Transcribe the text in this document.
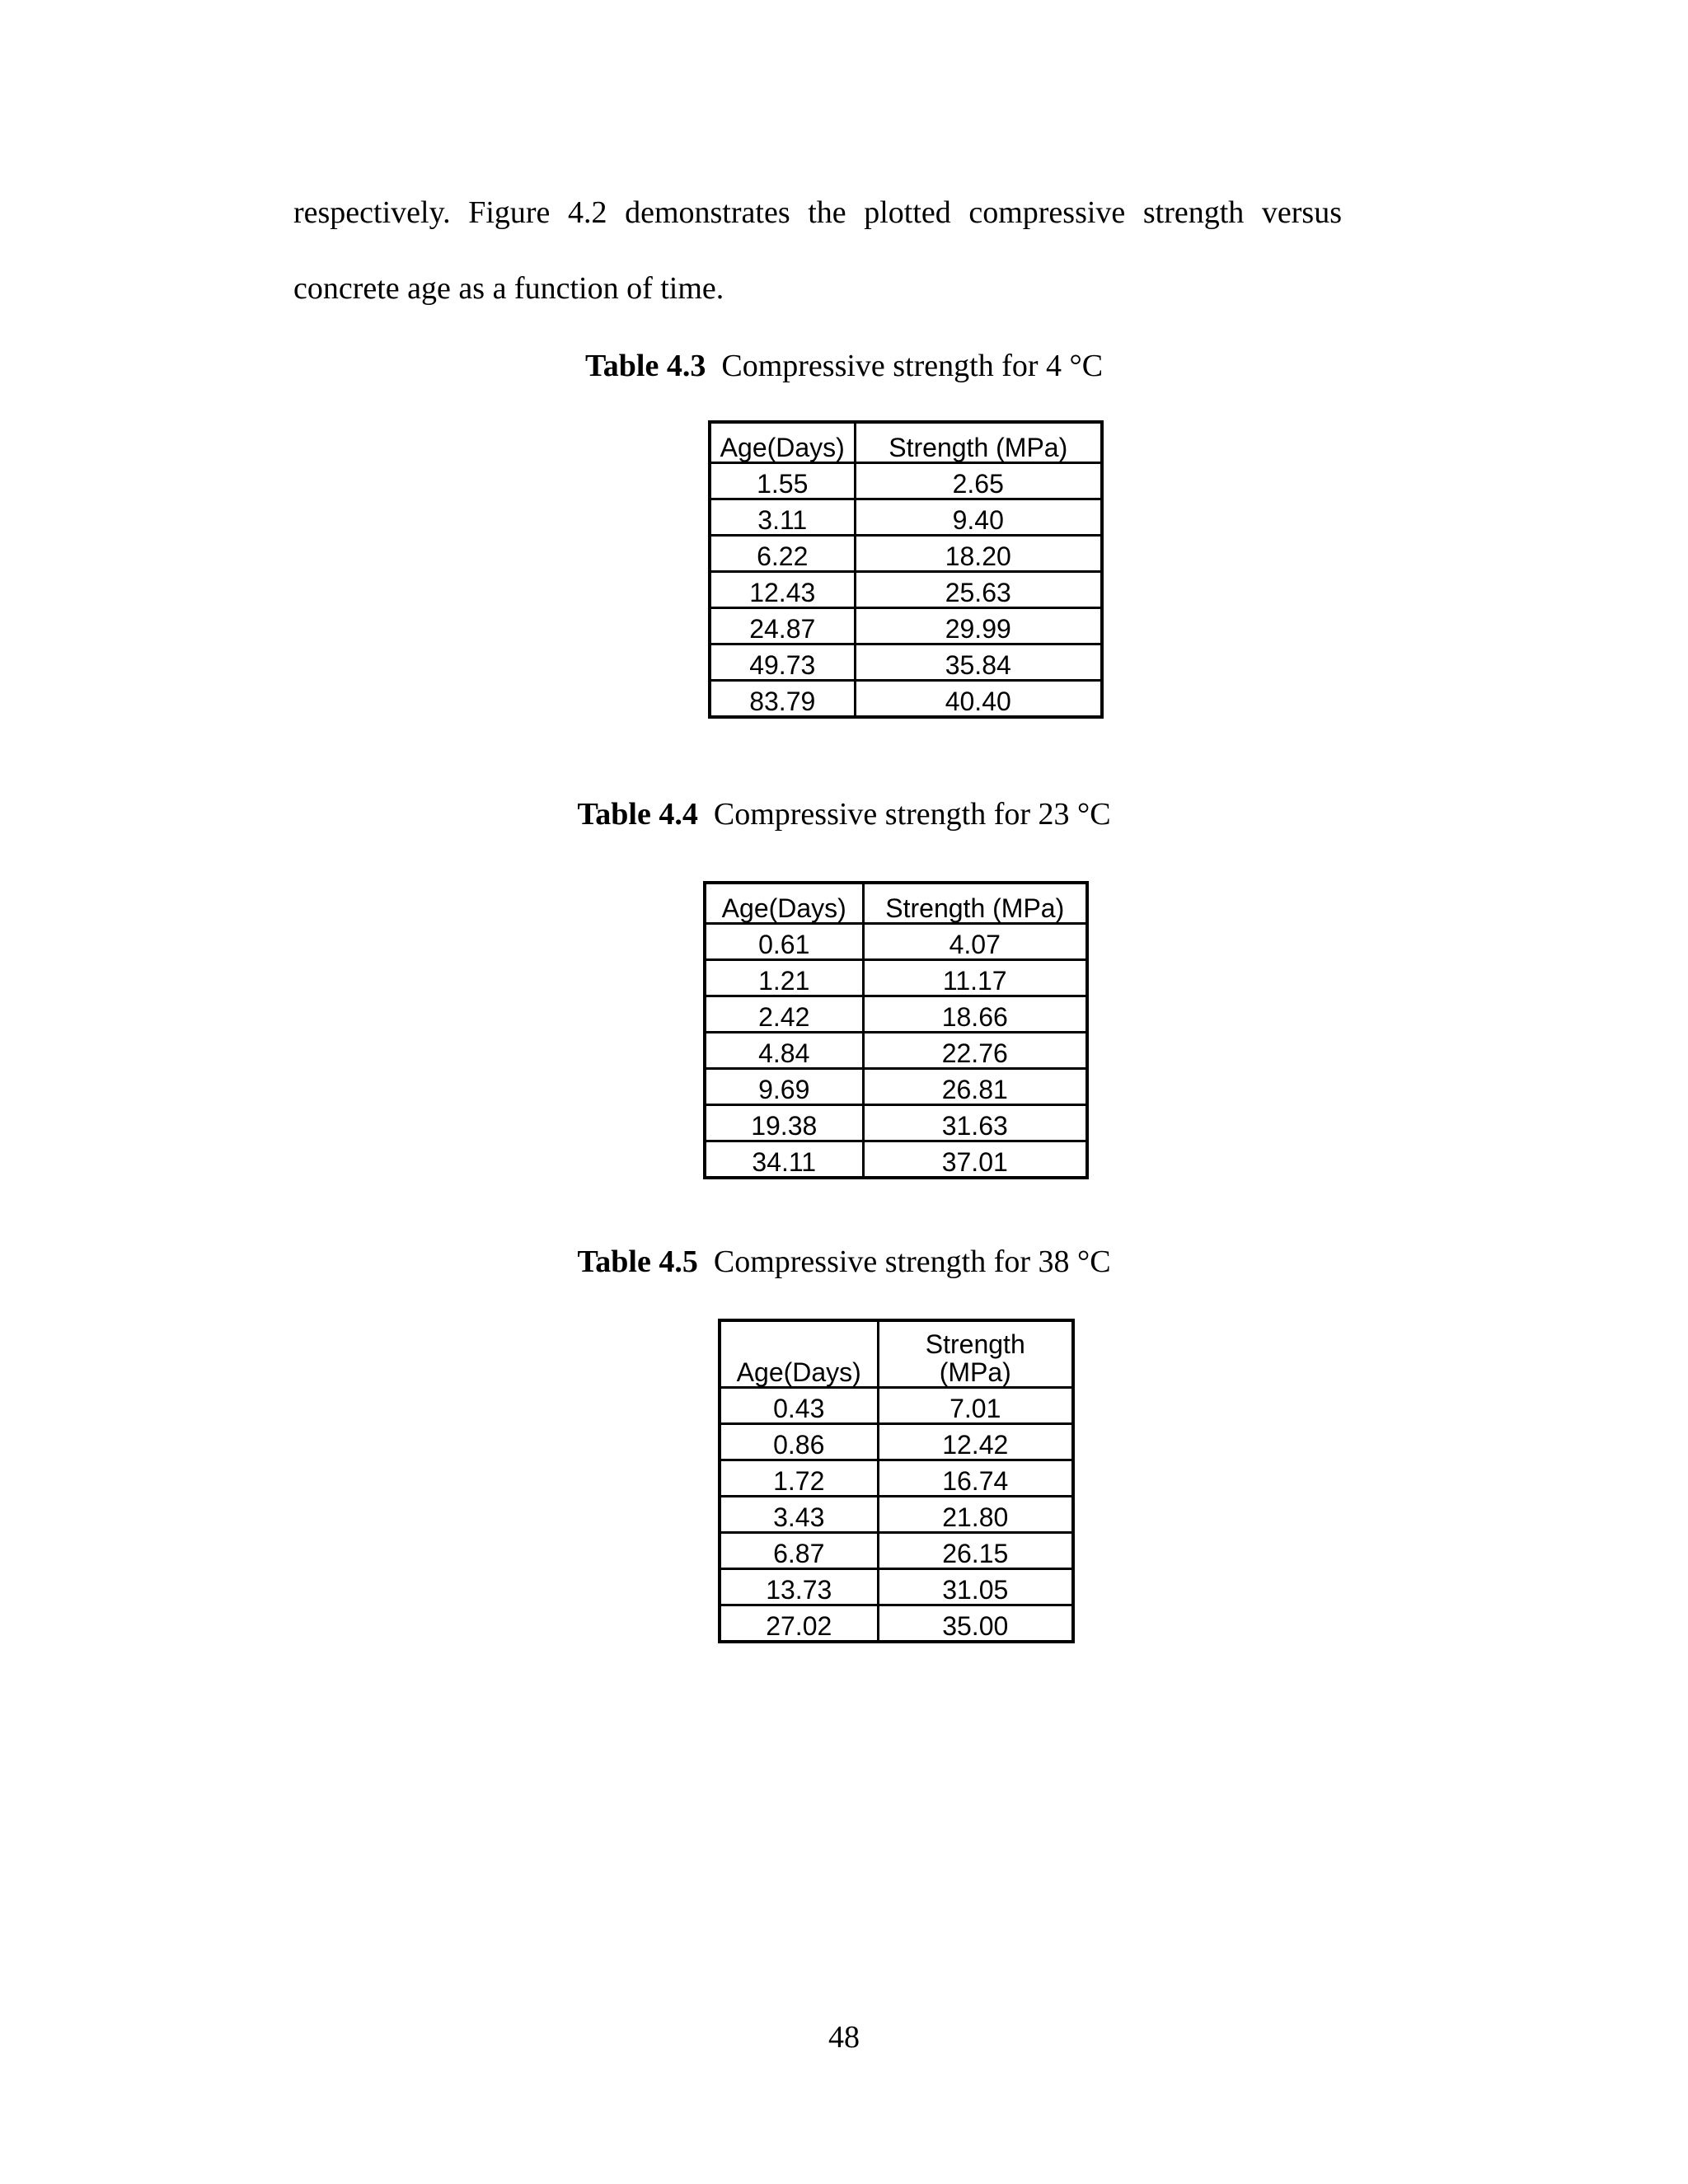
respectively. Figure 4.2 demonstrates the plotted compressive strength versus

concrete age as a function of time.

Table 4.3 Compressive strength for 4 °C

Age(Days)	Strength (MPa)
1.55	2.65
3.11	9.40
6.22	18.20
12.43	25.63
24.87	29.99
49.73	35.84
83.79	40.40

Table 4.4 Compressive strength for 23 °C

Age(Days)	Strength (MPa)
0.61	4.07
1.21	11.17
2.42	18.66
4.84	22.76
9.69	26.81
19.38	31.63
34.11	37.01

Table 4.5 Compressive strength for 38 °C

Age(Days)	Strength
(MPa)
0.43	7.01
0.86	12.42
1.72	16.74
3.43	21.80
6.87	26.15
13.73	31.05
27.02	35.00

48
